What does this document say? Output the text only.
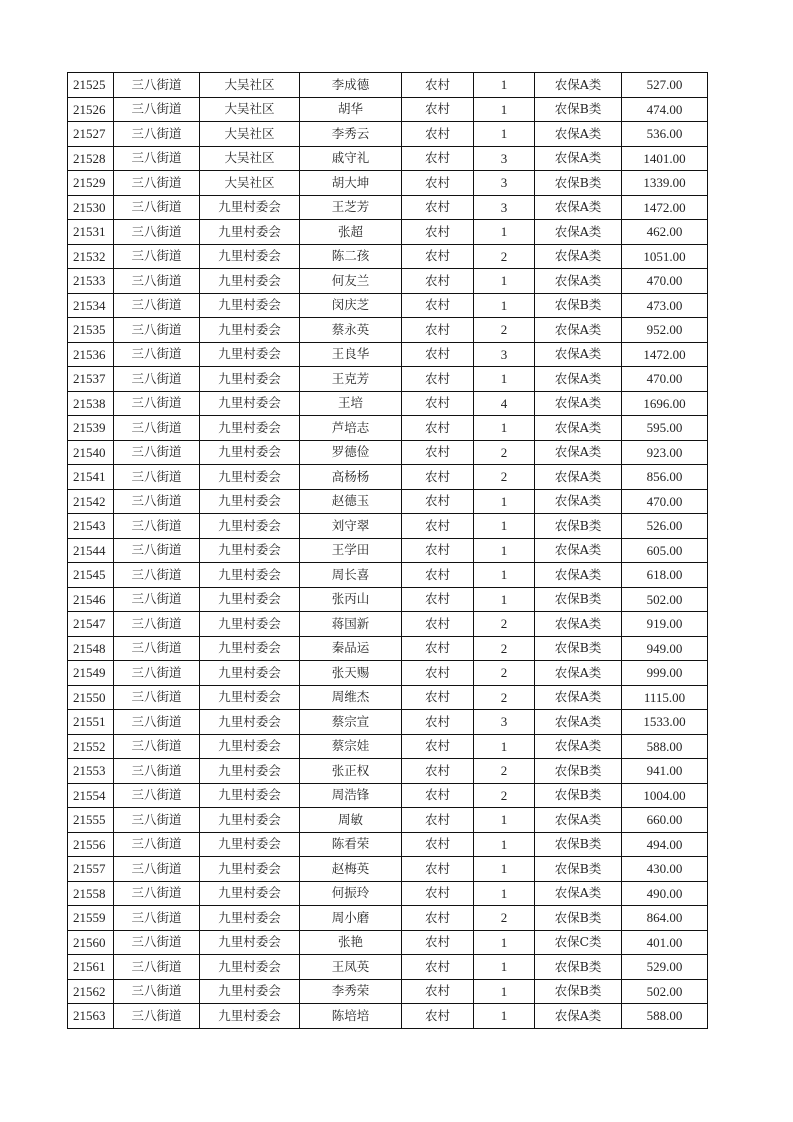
21525	三八街道	大吴社区	李成德	农村	1	农保A类	527.00
21526	三八街道	大吴社区	胡华	农村	1	农保B类	474.00
21527	三八街道	大吴社区	李秀云	农村	1	农保A类	536.00
21528	三八街道	大吴社区	戚守礼	农村	3	农保A类	1401.00
21529	三八街道	大吴社区	胡大坤	农村	3	农保B类	1339.00
21530	三八街道	九里村委会	王芝芳	农村	3	农保A类	1472.00
21531	三八街道	九里村委会	张超	农村	1	农保A类	462.00
21532	三八街道	九里村委会	陈二孩	农村	2	农保A类	1051.00
21533	三八街道	九里村委会	何友兰	农村	1	农保A类	470.00
21534	三八街道	九里村委会	闵庆芝	农村	1	农保B类	473.00
21535	三八街道	九里村委会	蔡永英	农村	2	农保A类	952.00
21536	三八街道	九里村委会	王良华	农村	3	农保A类	1472.00
21537	三八街道	九里村委会	王克芳	农村	1	农保A类	470.00
21538	三八街道	九里村委会	王培	农村	4	农保A类	1696.00
21539	三八街道	九里村委会	芦培志	农村	1	农保A类	595.00
21540	三八街道	九里村委会	罗德俭	农村	2	农保A类	923.00
21541	三八街道	九里村委会	高杨杨	农村	2	农保A类	856.00
21542	三八街道	九里村委会	赵德玉	农村	1	农保A类	470.00
21543	三八街道	九里村委会	刘守翠	农村	1	农保B类	526.00
21544	三八街道	九里村委会	王学田	农村	1	农保A类	605.00
21545	三八街道	九里村委会	周长喜	农村	1	农保A类	618.00
21546	三八街道	九里村委会	张丙山	农村	1	农保B类	502.00
21547	三八街道	九里村委会	蒋国新	农村	2	农保A类	919.00
21548	三八街道	九里村委会	秦品运	农村	2	农保B类	949.00
21549	三八街道	九里村委会	张天赐	农村	2	农保A类	999.00
21550	三八街道	九里村委会	周维杰	农村	2	农保A类	1115.00
21551	三八街道	九里村委会	蔡宗宣	农村	3	农保A类	1533.00
21552	三八街道	九里村委会	蔡宗娃	农村	1	农保A类	588.00
21553	三八街道	九里村委会	张正权	农村	2	农保B类	941.00
21554	三八街道	九里村委会	周浩锋	农村	2	农保B类	1004.00
21555	三八街道	九里村委会	周敏	农村	1	农保A类	660.00
21556	三八街道	九里村委会	陈看荣	农村	1	农保B类	494.00
21557	三八街道	九里村委会	赵梅英	农村	1	农保B类	430.00
21558	三八街道	九里村委会	何振玲	农村	1	农保A类	490.00
21559	三八街道	九里村委会	周小磨	农村	2	农保B类	864.00
21560	三八街道	九里村委会	张艳	农村	1	农保C类	401.00
21561	三八街道	九里村委会	王凤英	农村	1	农保B类	529.00
21562	三八街道	九里村委会	李秀荣	农村	1	农保B类	502.00
21563	三八街道	九里村委会	陈培培	农村	1	农保A类	588.00
